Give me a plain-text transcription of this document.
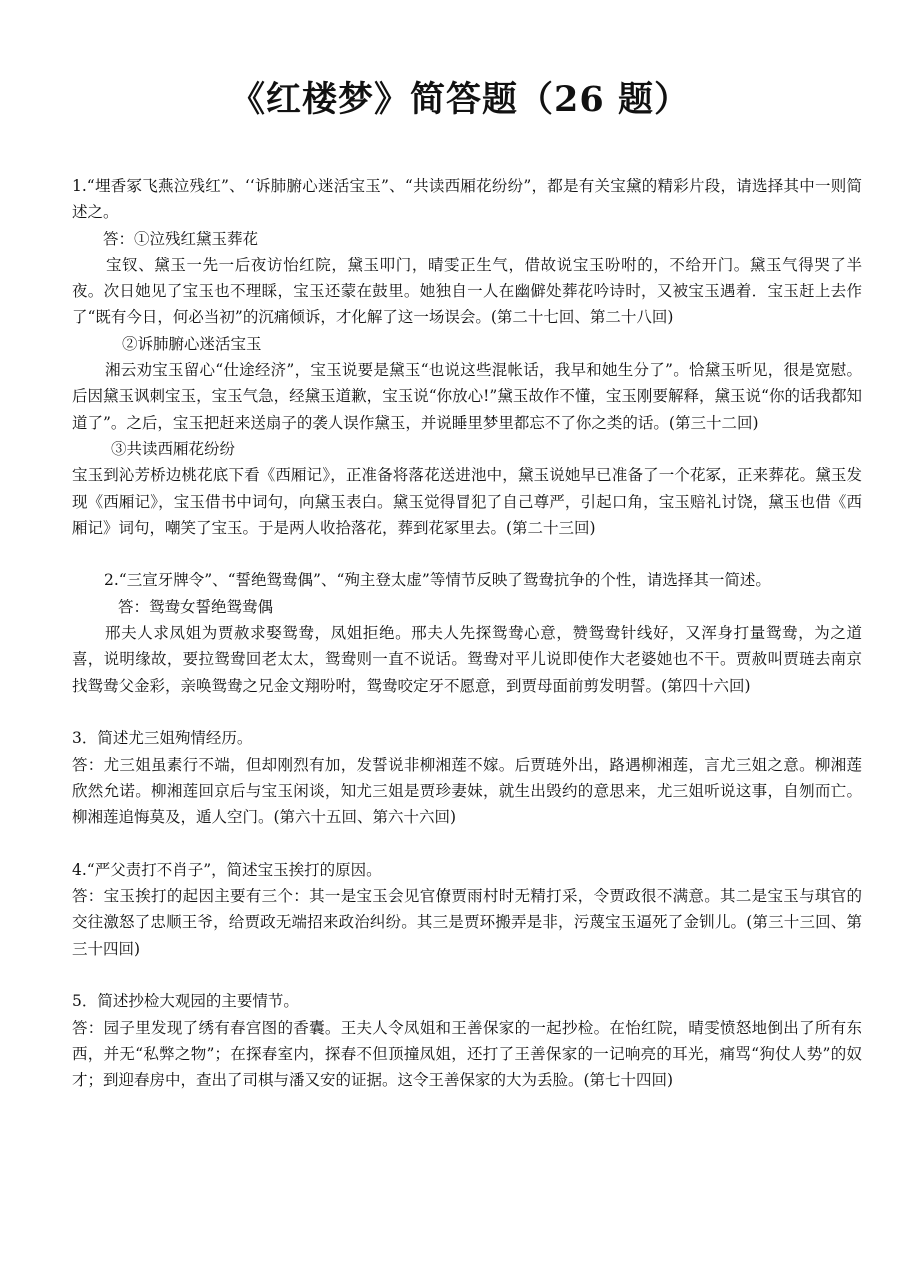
《红楼梦》简答题（26 题）

1.“埋香冢飞燕泣残红”、‘‘诉肺腑心迷活宝玉”、“共读西厢花纷纷”，都是有关宝黛的精彩片段，请选择其中一则简述之。

答：①泣残红黛玉葬花

宝钗、黛玉一先一后夜访怡红院，黛玉叩门，晴雯正生气，借故说宝玉吩咐的，不给开门。黛玉气得哭了半夜。次日她见了宝玉也不理睬，宝玉还蒙在鼓里。她独自一人在幽僻处葬花吟诗时，又被宝玉遇着．宝玉赶上去作了“既有今日，何必当初”的沉痛倾诉，才化解了这一场误会。(第二十七回、第二十八回)

②诉肺腑心迷活宝玉

湘云劝宝玉留心“仕途经济”，宝玉说要是黛玉“也说这些混帐话，我早和她生分了”。恰黛玉听见，很是宽慰。后因黛玉讽刺宝玉，宝玉气急，经黛玉道歉，宝玉说“你放心!”黛玉故作不懂，宝玉刚要解释，黛玉说“你的话我都知道了”。之后，宝玉把赶来送扇子的袭人误作黛玉，并说睡里梦里都忘不了你之类的话。(第三十二回)

③共读西厢花纷纷

宝玉到沁芳桥边桃花底下看《西厢记》，正准备将落花送进池中，黛玉说她早已准备了一个花冢，正来葬花。黛玉发现《西厢记》，宝玉借书中词句，向黛玉表白。黛玉觉得冒犯了自己尊严，引起口角，宝玉赔礼讨饶，黛玉也借《西厢记》词句，嘲笑了宝玉。于是两人收拾落花，葬到花冢里去。(第二十三回)

2.“三宣牙牌令”、“誓绝鸳鸯偶”、“殉主登太虚”等情节反映了鸳鸯抗争的个性，请选择其一简述。

答：鸳鸯女誓绝鸳鸯偶

邢夫人求凤姐为贾赦求娶鸳鸯，凤姐拒绝。邢夫人先探鸳鸯心意，赞鸳鸯针线好，又浑身打量鸳鸯，为之道喜，说明缘故，要拉鸳鸯回老太太，鸳鸯则一直不说话。鸳鸯对平儿说即使作大老婆她也不干。贾赦叫贾琏去南京找鸳鸯父金彩，亲唤鸳鸯之兄金文翔吩咐，鸳鸯咬定牙不愿意，到贾母面前剪发明誓。(第四十六回)

3．简述尤三姐殉情经历。

答：尤三姐虽素行不端，但却刚烈有加，发誓说非柳湘莲不嫁。后贾琏外出，路遇柳湘莲，言尤三姐之意。柳湘莲欣然允诺。柳湘莲回京后与宝玉闲谈，知尤三姐是贾珍妻妹，就生出毁约的意思来，尤三姐听说这事，自刎而亡。柳湘莲追悔莫及，遁人空门。(第六十五回、第六十六回)

4.“严父责打不肖子”，简述宝玉挨打的原因。

答：宝玉挨打的起因主要有三个：其一是宝玉会见官僚贾雨村时无精打采，令贾政很不满意。其二是宝玉与琪官的交往激怒了忠顺王爷，给贾政无端招来政治纠纷。其三是贾环搬弄是非，污蔑宝玉逼死了金钏儿。(第三十三回、第三十四回)

5．简述抄检大观园的主要情节。

答：园子里发现了绣有春宫图的香囊。王夫人令凤姐和王善保家的一起抄检。在怡红院，晴雯愤怒地倒出了所有东西，并无“私弊之物”；在探春室内，探春不但顶撞凤姐，还打了王善保家的一记响亮的耳光，痛骂“狗仗人势”的奴才；到迎春房中，查出了司棋与潘又安的证据。这令王善保家的大为丢脸。(第七十四回)
